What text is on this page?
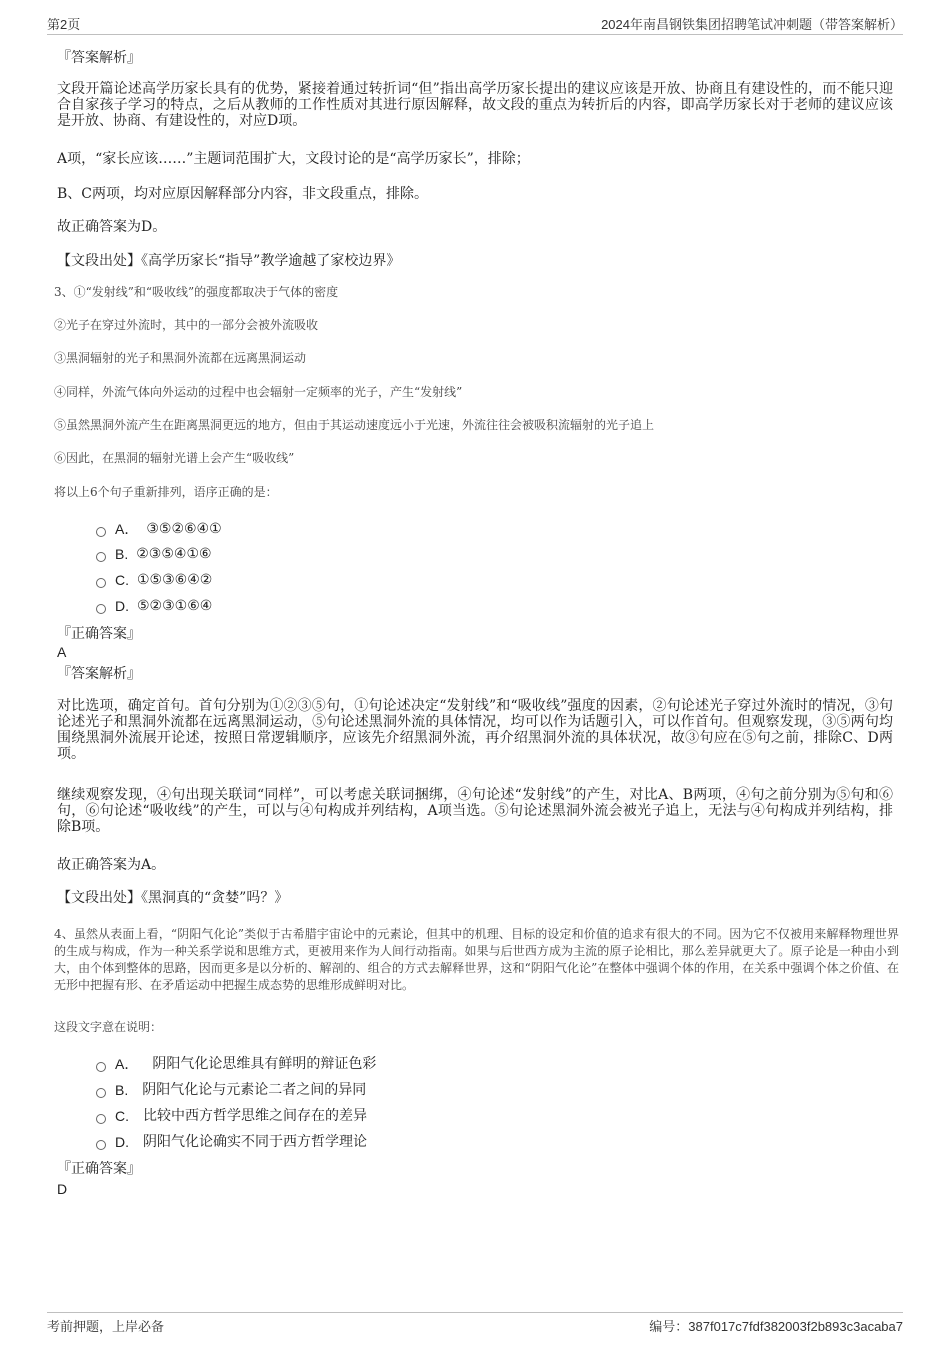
第2页	2024年南昌钢铁集团招聘笔试冲刺题（带答案解析）
『答案解析』
文段开篇论述高学历家长具有的优势，紧接着通过转折词“但”指出高学历家长提出的建议应该是开放、协商且有建设性的，而不能只迎合自家孩子学习的特点，之后从教师的工作性质对其进行原因解释，故文段的重点为转折后的内容，即高学历家长对于老师的建议应该是开放、协商、有建设性的，对应D项。
A项，“家长应该……”主题词范围扩大，文段讨论的是“高学历家长”，排除；
B、C两项，均对应原因解释部分内容，非文段重点，排除。
故正确答案为D。
【文段出处】《高学历家长“指导”教学逾越了家校边界》
3、①“发射线”和“吸收线”的强度都取决于气体的密度
②光子在穿过外流时，其中的一部分会被外流吸收
③黑洞辐射的光子和黑洞外流都在远离黑洞运动
④同样，外流气体向外运动的过程中也会辐射一定频率的光子，产生“发射线”
⑤虽然黑洞外流产生在距离黑洞更远的地方，但由于其运动速度远小于光速，外流往往会被吸积流辐射的光子追上
⑥因此，在黑洞的辐射光谱上会产生“吸收线”
将以上6个句子重新排列，语序正确的是：
A． ③⑤②⑥④①
B. ②③⑤④①⑥
C. ①⑤③⑥④②
D. ⑤②③①⑥④
『正确答案』
A
『答案解析』
对比选项，确定首句。首句分别为①②③⑤句，①句论述决定“发射线”和“吸收线”强度的因素，②句论述光子穿过外流时的情况，③句论述光子和黑洞外流都在远离黑洞运动，⑤句论述黑洞外流的具体情况，均可以作为话题引入，可以作首句。但观察发现，③⑤两句均围绕黑洞外流展开论述，按照日常逻辑顺序，应该先介绍黑洞外流，再介绍黑洞外流的具体状况，故③句应在⑤句之前，排除C、D两项。
继续观察发现，④句出现关联词“同样”，可以考虑关联词捆绑，④句论述“发射线”的产生，对比A、B两项，④句之前分别为⑤句和⑥句，⑥句论述“吸收线”的产生，可以与④句构成并列结构，A项当选。⑤句论述黑洞外流会被光子追上，无法与④句构成并列结构，排除B项。
故正确答案为A。
【文段出处】《黑洞真的“贪婪”吗？》
4、虽然从表面上看，“阴阳气化论”类似于古希腊宇宙论中的元素论，但其中的机理、目标的设定和价值的追求有很大的不同。因为它不仅被用来解释物理世界的生成与构成，作为一种关系学说和思维方式，更被用来作为人间行动指南。如果与后世西方成为主流的原子论相比，那么差异就更大了。原子论是一种由小到大，由个体到整体的思路，因而更多是以分析的、解剖的、组合的方式去解释世界，这和“阴阳气化论”在整体中强调个体的作用，在关系中强调个体之价值、在无形中把握有形、在矛盾运动中把握生成态势的思维形成鲜明对比。
这段文字意在说明：
A． 阴阳气化论思维具有鲜明的辩证色彩
B. 阴阳气化论与元素论二者之间的异同
C. 比较中西方哲学思维之间存在的差异
D. 阴阳气化论确实不同于西方哲学理论
『正确答案』
D
考前押题，上岸必备	编号：387f017c7fdf382003f2b893c3acaba7
